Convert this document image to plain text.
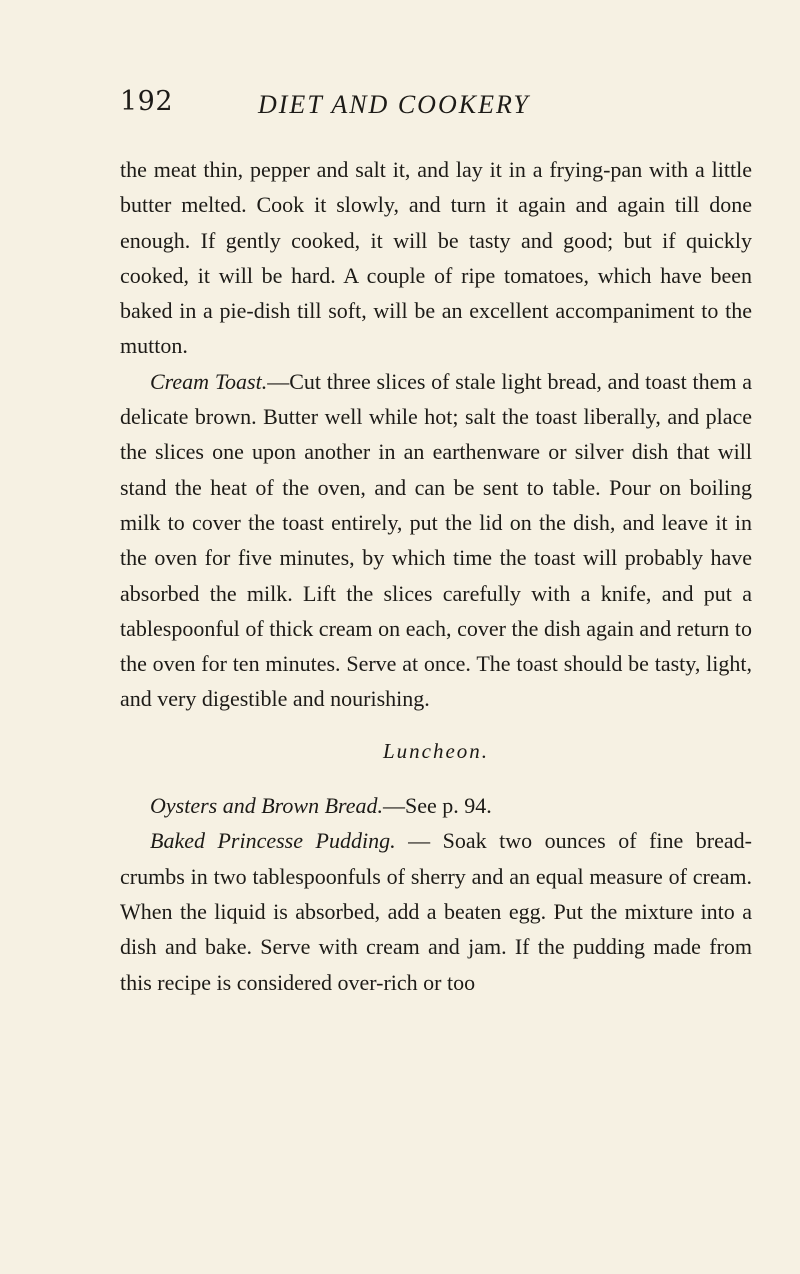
192	DIET AND COOKERY

the meat thin, pepper and salt it, and lay it in a frying-pan with a little butter melted. Cook it slowly, and turn it again and again till done enough. If gently cooked, it will be tasty and good; but if quickly cooked, it will be hard. A couple of ripe tomatoes, which have been baked in a pie-dish till soft, will be an excellent accompaniment to the mutton.

Cream Toast.—Cut three slices of stale light bread, and toast them a delicate brown. Butter well while hot; salt the toast liberally, and place the slices one upon another in an earthenware or silver dish that will stand the heat of the oven, and can be sent to table. Pour on boiling milk to cover the toast entirely, put the lid on the dish, and leave it in the oven for five minutes, by which time the toast will probably have absorbed the milk. Lift the slices carefully with a knife, and put a tablespoonful of thick cream on each, cover the dish again and return to the oven for ten minutes. Serve at once. The toast should be tasty, light, and very digestible and nourishing.

Luncheon.

Oysters and Brown Bread.—See p. 94.

Baked Princesse Pudding. — Soak two ounces of fine bread-crumbs in two tablespoonfuls of sherry and an equal measure of cream. When the liquid is absorbed, add a beaten egg. Put the mixture into a dish and bake. Serve with cream and jam. If the pudding made from this recipe is considered over-rich or too
